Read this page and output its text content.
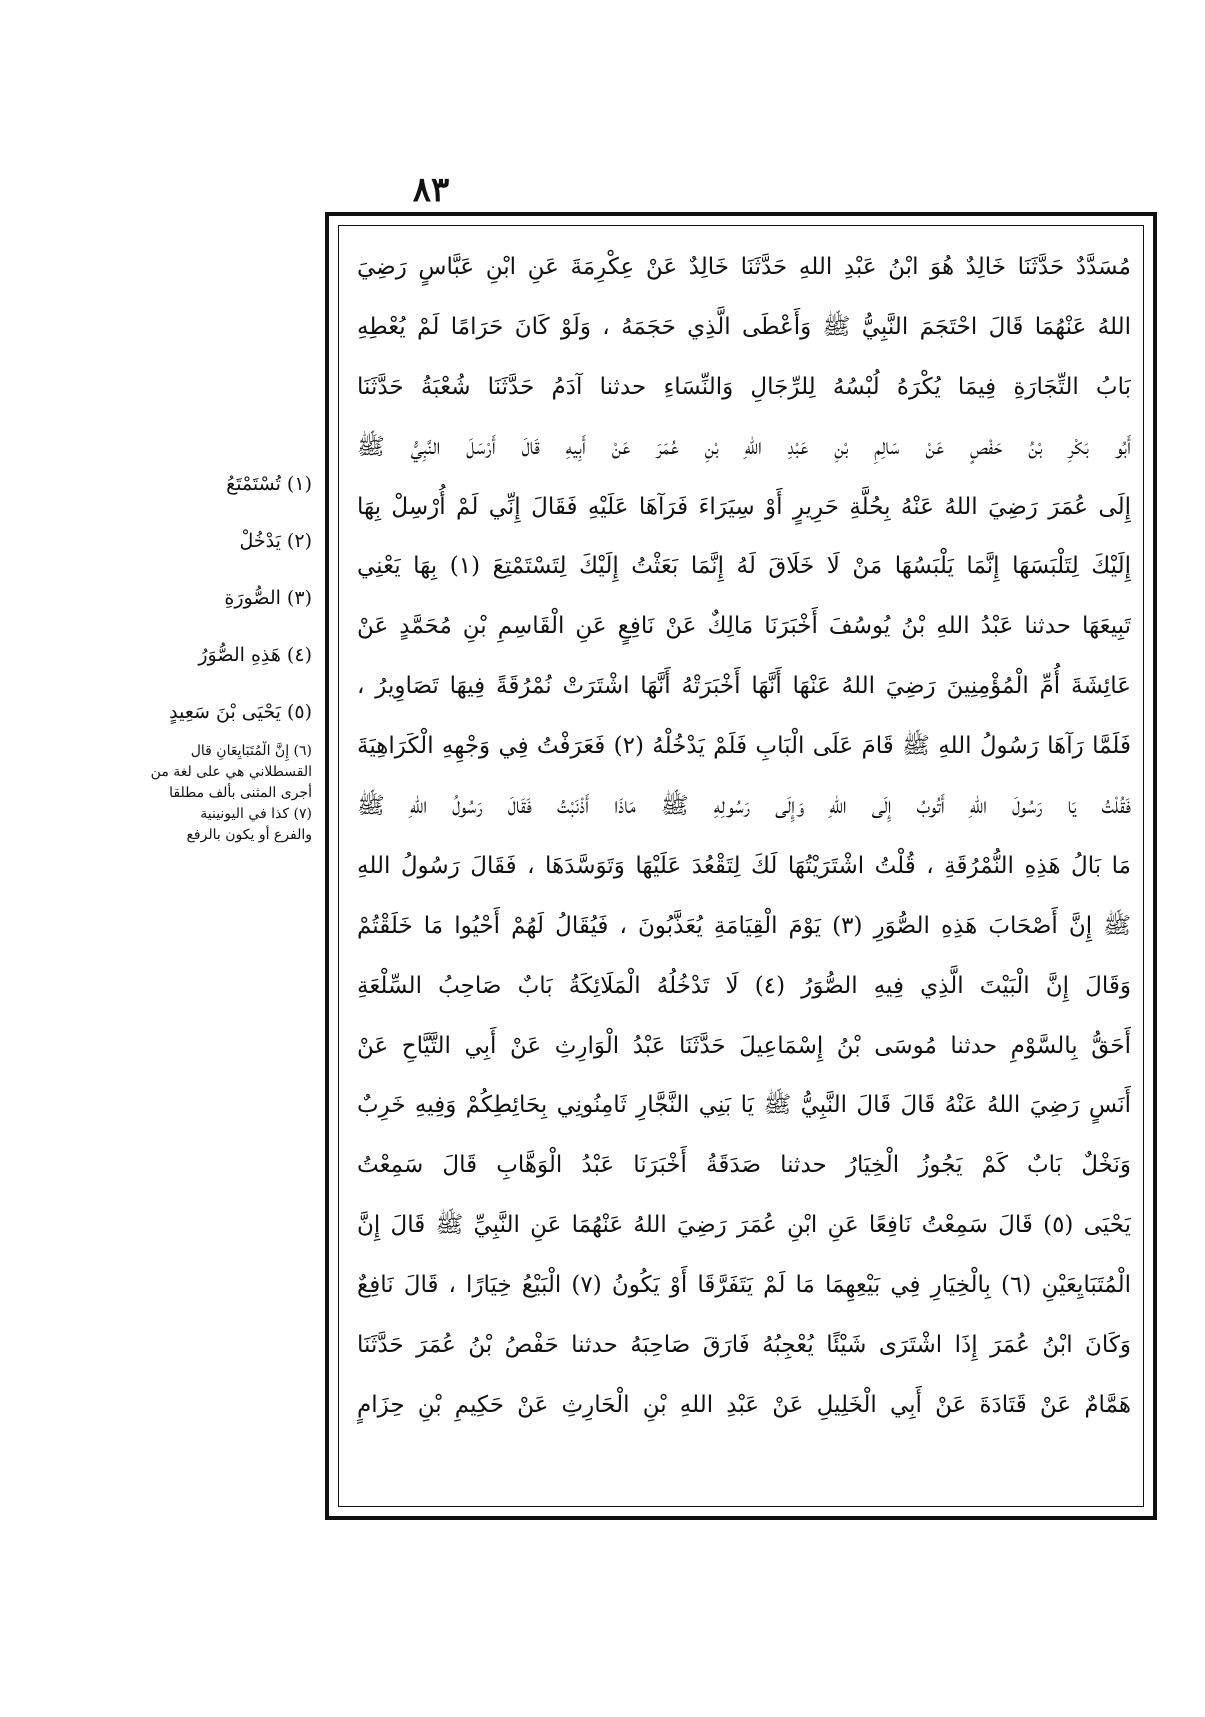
٨٣
مُسَدَّدٌ حَدَّثَنَا خَالِدٌ هُوَ ابْنُ عَبْدِ اللهِ حَدَّثَنَا خَالِدٌ عَنْ عِكْرِمَةَ عَنِ ابْنِ عَبَّاسٍ رَضِيَ
اللهُ عَنْهُمَا قَالَ احْتَجَمَ النَّبِيُّ ﷺ وَأَعْطَى الَّذِي حَجَمَهُ ، وَلَوْ كَانَ حَرَامًا لَمْ يُعْطِهِ
بَابُ التِّجَارَةِ فِيمَا يُكْرَهُ لُبْسُهُ لِلرِّجَالِ وَالنِّسَاءِ حدثنا آدَمُ حَدَّثَنَا شُعْبَةُ حَدَّثَنَا
أَبُو بَكْرِ بْنُ حَفْصٍ عَنْ سَالِمِ بْنِ عَبْدِ اللهِ بْنِ عُمَرَ عَنْ أَبِيهِ قَالَ أَرْسَلَ النَّبِيُّ ﷺ
إِلَى عُمَرَ رَضِيَ اللهُ عَنْهُ بِحُلَّةِ حَرِيرٍ أَوْ سِيَرَاءَ فَرَآهَا عَلَيْهِ فَقَالَ إِنِّي لَمْ أُرْسِلْ بِهَا
إِلَيْكَ لِتَلْبَسَهَا إِنَّمَا يَلْبَسُهَا مَنْ لَا خَلَاقَ لَهُ إِنَّمَا بَعَثْتُ إِلَيْكَ لِتَسْتَمْتِعَ (١) بِهَا يَعْنِي
تَبِيعَهَا حدثنا عَبْدُ اللهِ بْنُ يُوسُفَ أَخْبَرَنَا مَالِكٌ عَنْ نَافِعٍ عَنِ الْقَاسِمِ بْنِ مُحَمَّدٍ عَنْ
عَائِشَةَ أُمِّ الْمُؤْمِنِينَ رَضِيَ اللهُ عَنْهَا أَنَّهَا أَخْبَرَتْهُ أَنَّهَا اشْتَرَتْ نُمْرُقَةً فِيهَا تَصَاوِيرُ ،
فَلَمَّا رَآهَا رَسُولُ اللهِ ﷺ قَامَ عَلَى الْبَابِ فَلَمْ يَدْخُلْهُ (٢) فَعَرَفْتُ فِي وَجْهِهِ الْكَرَاهِيَةَ
فَقُلْتُ يَا رَسُولَ اللهِ أَتُوبُ إِلَى اللهِ وَإِلَى رَسُولِهِ ﷺ مَاذَا أَذْنَبْتُ فَقَالَ رَسُولُ اللهِ ﷺ
مَا بَالُ هَذِهِ النُّمْرُقَةِ ، قُلْتُ اشْتَرَيْتُهَا لَكَ لِتَقْعُدَ عَلَيْهَا وَتَوَسَّدَهَا ، فَقَالَ رَسُولُ اللهِ
ﷺ إِنَّ أَصْحَابَ هَذِهِ الصُّوَرِ (٣) يَوْمَ الْقِيَامَةِ يُعَذَّبُونَ ، فَيُقَالُ لَهُمْ أَحْيُوا مَا خَلَقْتُمْ
وَقَالَ إِنَّ الْبَيْتَ الَّذِي فِيهِ الصُّوَرُ (٤) لَا تَدْخُلُهُ الْمَلَائِكَةُ بَابٌ صَاحِبُ السِّلْعَةِ
أَحَقُّ بِالسَّوْمِ حدثنا مُوسَى بْنُ إِسْمَاعِيلَ حَدَّثَنَا عَبْدُ الْوَارِثِ عَنْ أَبِي التَّيَّاحِ عَنْ
أَنَسٍ رَضِيَ اللهُ عَنْهُ قَالَ قَالَ النَّبِيُّ ﷺ يَا بَنِي النَّجَّارِ ثَامِنُونِي بِحَائِطِكُمْ وَفِيهِ خَرِبٌ
وَنَخْلٌ بَابٌ كَمْ يَجُوزُ الْخِيَارُ حدثنا صَدَقَةُ أَخْبَرَنَا عَبْدُ الْوَهَّابِ قَالَ سَمِعْتُ
يَحْيَى (٥) قَالَ سَمِعْتُ نَافِعًا عَنِ ابْنِ عُمَرَ رَضِيَ اللهُ عَنْهُمَا عَنِ النَّبِيِّ ﷺ قَالَ إِنَّ
الْمُتَبَايِعَيْنِ (٦) بِالْخِيَارِ فِي بَيْعِهِمَا مَا لَمْ يَتَفَرَّقَا أَوْ يَكُونُ (٧) الْبَيْعُ خِيَارًا ، قَالَ نَافِعٌ
وَكَانَ ابْنُ عُمَرَ إِذَا اشْتَرَى شَيْئًا يُعْجِبُهُ فَارَقَ صَاحِبَهُ حدثنا حَفْصُ بْنُ عُمَرَ حَدَّثَنَا
هَمَّامٌ عَنْ قَتَادَةَ عَنْ أَبِي الْخَلِيلِ عَنْ عَبْدِ اللهِ بْنِ الْحَارِثِ عَنْ حَكِيمِ بْنِ حِزَامٍ
(١) تُسْتَمْتَعُ
(٢) يَدْخُلْ
(٣) الصُّورَةِ
(٤) هَذِهِ الصُّوَرُ
(٥) يَحْيَى بْنَ سَعِيدٍ
(٦) إِنَّ الْمُتَبَايِعَانِ قال
القسطلاني هي على لغة من
أجرى المثنى بألف مطلقا
(٧) كذا في اليونينية
والفرع أو يكون بالرفع
